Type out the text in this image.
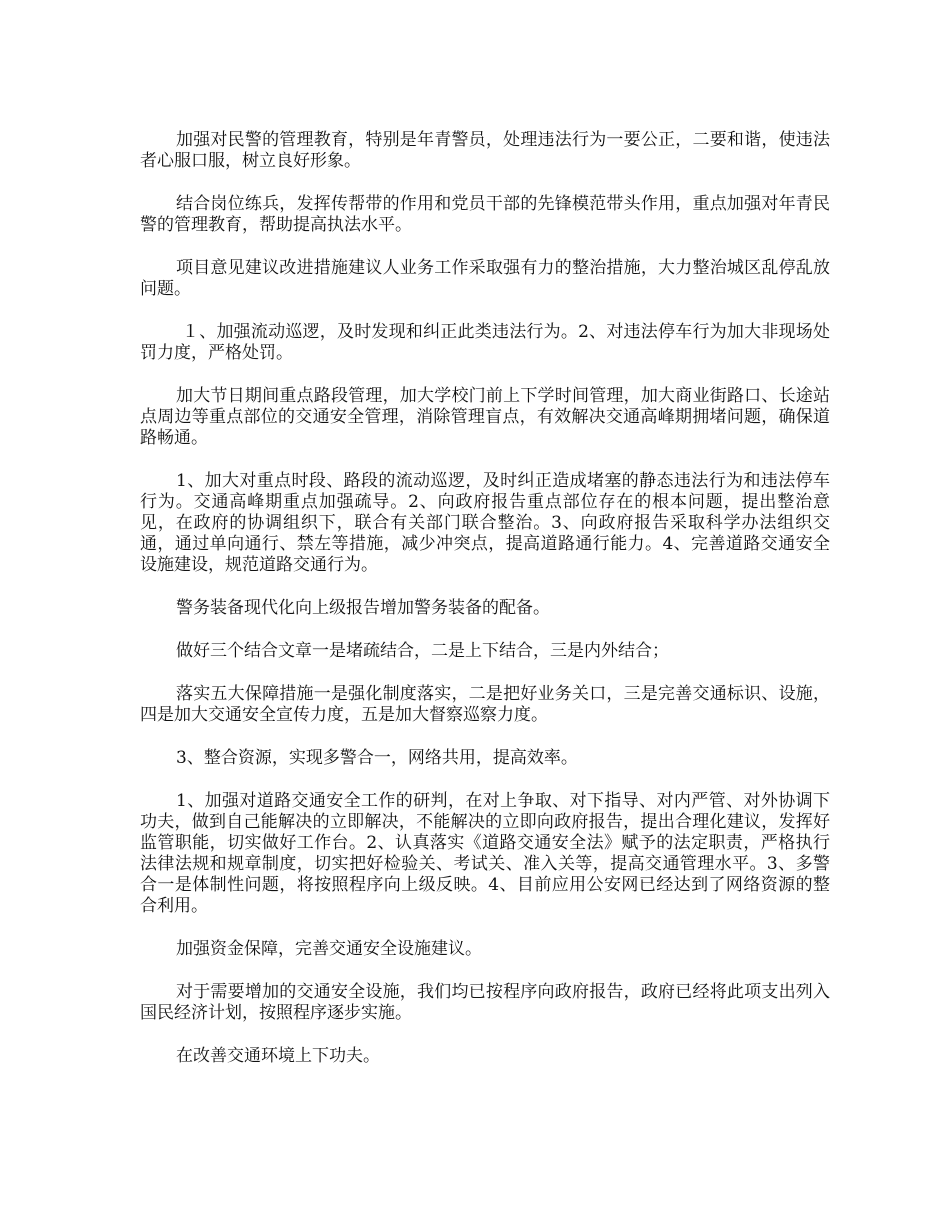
加强对民警的管理教育，特别是年青警员，处理违法行为一要公正，二要和谐，使违法者心服口服，树立良好形象。

结合岗位练兵，发挥传帮带的作用和党员干部的先锋模范带头作用，重点加强对年青民警的管理教育，帮助提高执法水平。

项目意见建议改进措施建议人业务工作采取强有力的整治措施，大力整治城区乱停乱放问题。

１、加强流动巡逻，及时发现和纠正此类违法行为。2、对违法停车行为加大非现场处罚力度，严格处罚。

加大节日期间重点路段管理，加大学校门前上下学时间管理，加大商业街路口、长途站点周边等重点部位的交通安全管理，消除管理盲点，有效解决交通高峰期拥堵问题，确保道路畅通。

1、加大对重点时段、路段的流动巡逻，及时纠正造成堵塞的静态违法行为和违法停车行为。交通高峰期重点加强疏导。2、向政府报告重点部位存在的根本问题，提出整治意见，在政府的协调组织下，联合有关部门联合整治。3、向政府报告采取科学办法组织交通，通过单向通行、禁左等措施，减少冲突点，提高道路通行能力。4、完善道路交通安全设施建设，规范道路交通行为。

警务装备现代化向上级报告增加警务装备的配备。

做好三个结合文章一是堵疏结合，二是上下结合，三是内外结合；

落实五大保障措施一是强化制度落实，二是把好业务关口，三是完善交通标识、设施，四是加大交通安全宣传力度，五是加大督察巡察力度。

3、整合资源，实现多警合一，网络共用，提高效率。

1、加强对道路交通安全工作的研判，在对上争取、对下指导、对内严管、对外协调下功夫，做到自己能解决的立即解决，不能解决的立即向政府报告，提出合理化建议，发挥好监管职能，切实做好工作台。2、认真落实《道路交通安全法》赋予的法定职责，严格执行法律法规和规章制度，切实把好检验关、考试关、准入关等，提高交通管理水平。3、多警合一是体制性问题，将按照程序向上级反映。4、目前应用公安网已经达到了网络资源的整合利用。

加强资金保障，完善交通安全设施建议。

对于需要增加的交通安全设施，我们均已按程序向政府报告，政府已经将此项支出列入国民经济计划，按照程序逐步实施。

在改善交通环境上下功夫。
